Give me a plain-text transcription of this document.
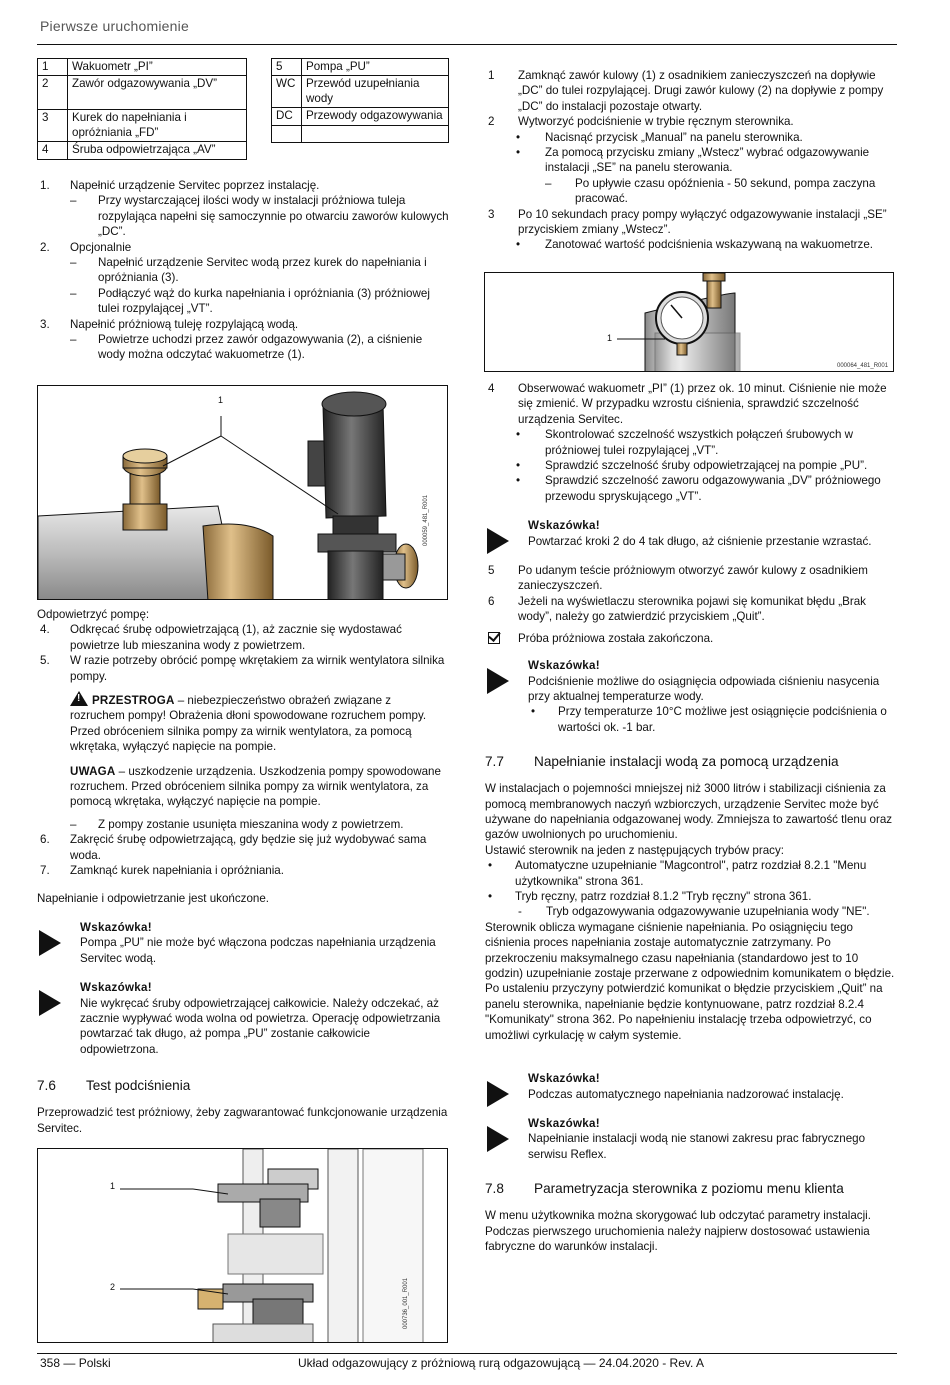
Pierwsze uruchomienie
1	Wakuometr „PI”
2	Zawór odgazowywania „DV”
3	Kurek do napełniania i opróżniania „FD”
4	Śruba odpowietrzająca „AV”
5	Pompa „PU”
WC	Przewód uzupełniania wody
DC	Przewody odgazowywania

1. Napełnić urządzenie Servitec poprzez instalację.
– Przy wystarczającej ilości wody w instalacji próżniowa tuleja rozpylająca napełni się samoczynnie po otwarciu zaworów kulowych „DC”.
2. Opcjonalnie
– Napełnić urządzenie Servitec wodą przez kurek do napełniania i opróżniania (3).
– Podłączyć wąż do kurka napełniania i opróżniania (3) próżniowej tulei rozpylającej „VT”.
3. Napełnić próżniową tuleję rozpylającą wodą.
– Powietrze uchodzi przez zawór odgazowywania (2), a ciśnienie wody można odczytać wakuometrze (1).
1
000059_481_R001
Odpowietrzyć pompę:
4. Odkręcać śrubę odpowietrzającą (1), aż zacznie się wydostawać powietrze lub mieszanina wody z powietrzem.
5. W razie potrzeby obrócić pompę wkrętakiem za wirnik wentylatora silnika pompy.
! PRZESTROGA – niebezpieczeństwo obrażeń związane z rozruchem pompy! Obrażenia dłoni spowodowane rozruchem pompy. Przed obróceniem silnika pompy za wirnik wentylatora, za pomocą wkrętaka, wyłączyć napięcie na pompie.
UWAGA – uszkodzenie urządzenia. Uszkodzenia pompy spowodowane rozruchem. Przed obróceniem silnika pompy za wirnik wentylatora, za pomocą wkrętaka, wyłączyć napięcie na pompie.
– Z pompy zostanie usunięta mieszanina wody z powietrzem.
6. Zakręcić śrubę odpowietrzającą, gdy będzie się już wydobywać sama woda.
7. Zamknąć kurek napełniania i opróżniania.
Napełnianie i odpowietrzanie jest ukończone.
Wskazówka!
Pompa „PU” nie może być włączona podczas napełniania urządzenia Servitec wodą.
Wskazówka!
Nie wykręcać śruby odpowietrzającej całkowicie. Należy odczekać, aż zacznie wypływać woda wolna od powietrza. Operację odpowietrzania powtarzać tak długo, aż pompa „PU” zostanie całkowicie odpowietrzona.
7.6 Test podciśnienia
Przeprowadzić test próżniowy, żeby zagwarantować funkcjonowanie urządzenia Servitec.
1
2	000736_001_R001
1 Zamknąć zawór kulowy (1) z osadnikiem zanieczyszczeń na dopływie „DC” do tulei rozpylającej. Drugi zawór kulowy (2) na dopływie z pompy „DC” do instalacji pozostaje otwarty.
2 Wytworzyć podciśnienie w trybie ręcznym sterownika.
• Nacisnąć przycisk „Manual” na panelu sterownika.
• Za pomocą przycisku zmiany „Wstecz” wybrać odgazowywanie instalacji „SE” na panelu sterowania.
– Po upływie czasu opóźnienia - 50 sekund, pompa zaczyna pracować.
3 Po 10 sekundach pracy pompy wyłączyć odgazowywanie instalacji „SE” przyciskiem zmiany „Wstecz”.
• Zanotować wartość podciśnienia wskazywaną na wakuometrze.
1
000064_481_R001
4 Obserwować wakuometr „PI” (1) przez ok. 10 minut. Ciśnienie nie może się zmienić. W przypadku wzrostu ciśnienia, sprawdzić szczelność urządzenia Servitec.
• Skontrolować szczelność wszystkich połączeń śrubowych w próżniowej tulei rozpylającej „VT”.
• Sprawdzić szczelność śruby odpowietrzającej na pompie „PU”.
• Sprawdzić szczelność zaworu odgazowywania „DV” próżniowego przewodu spryskującego „VT”.
Wskazówka!
Powtarzać kroki 2 do 4 tak długo, aż ciśnienie przestanie wzrastać.
5 Po udanym teście próżniowym otworzyć zawór kulowy z osadnikiem zanieczyszczeń.
6 Jeżeli na wyświetlaczu sterownika pojawi się komunikat błędu „Brak wody”, należy go zatwierdzić przyciskiem „Quit”.
Próba próżniowa została zakończona.
Wskazówka!
Podciśnienie możliwe do osiągnięcia odpowiada ciśnieniu nasycenia przy aktualnej temperaturze wody.
• Przy temperaturze 10°C możliwe jest osiągnięcie podciśnienia o wartości ok. -1 bar.
7.7 Napełnianie instalacji wodą za pomocą urządzenia
W instalacjach o pojemności mniejszej niż 3000 litrów i stabilizacji ciśnienia za pomocą membranowych naczyń wzbiorczych, urządzenie Servitec może być używane do napełniania odgazowanej wody. Zmniejsza to zawartość tlenu oraz gazów uwolnionych po uruchomieniu.
Ustawić sterownik na jeden z następujących trybów pracy:
• Automatyczne uzupełnianie "Magcontrol", patrz rozdział 8.2.1 "Menu użytkownika" strona 361.
• Tryb ręczny, patrz rozdział 8.1.2 "Tryb ręczny" strona 361.
- Tryb odgazowywania odgazowywanie uzupełniania wody "NE".
Sterownik oblicza wymagane ciśnienie napełniania. Po osiągnięciu tego ciśnienia proces napełniania zostaje automatycznie zatrzymany. Po przekroczeniu maksymalnego czasu napełniania (standardowo jest to 10 godzin) uzupełnianie zostaje przerwane z odpowiednim komunikatem o błędzie. Po ustaleniu przyczyny potwierdzić komunikat o błędzie przyciskiem „Quit” na panelu sterownika, napełnianie będzie kontynuowane, patrz rozdział 8.2.4 "Komunikaty" strona 362. Po napełnieniu instalację trzeba odpowietrzyć, co umożliwi cyrkulację w całym systemie.
Wskazówka!
Podczas automatycznego napełniania nadzorować instalację.
Wskazówka!
Napełnianie instalacji wodą nie stanowi zakresu prac fabrycznego serwisu Reflex.
7.8 Parametryzacja sterownika z poziomu menu klienta
W menu użytkownika można skorygować lub odczytać parametry instalacji. Podczas pierwszego uruchomienia należy najpierw dostosować ustawienia fabryczne do warunków instalacji.
358 — Polski	Układ odgazowujący z próżniową rurą odgazowującą — 24.04.2020 - Rev. A
